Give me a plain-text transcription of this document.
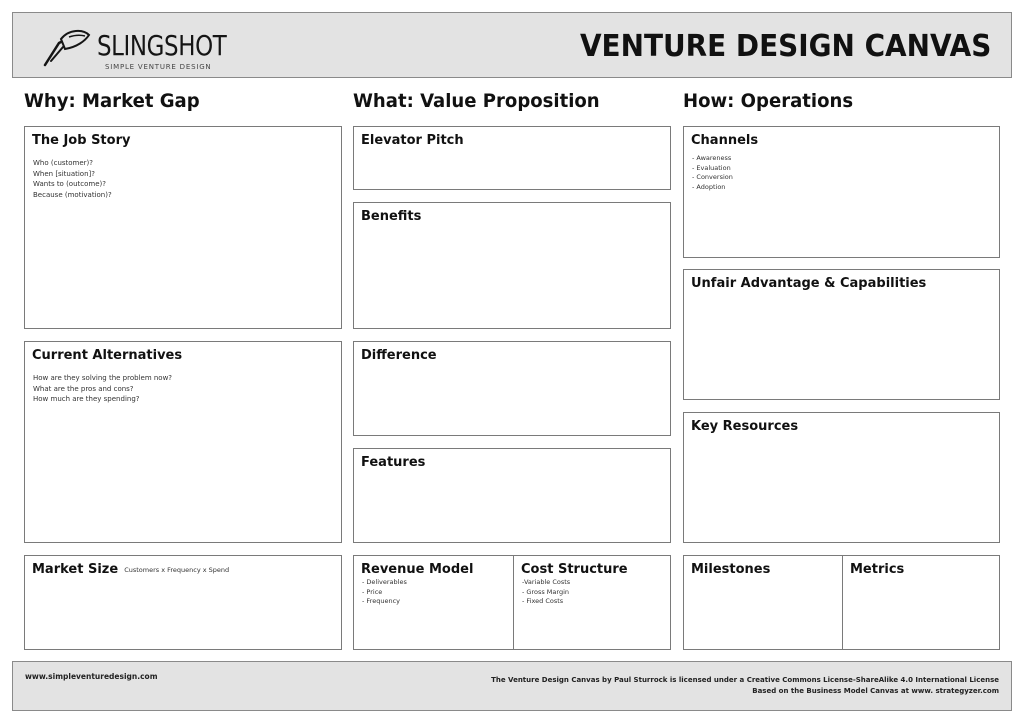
SLINGSHOT
SIMPLE VENTURE DESIGN
VENTURE DESIGN CANVAS
Why: Market Gap	What: Value Proposition	How: Operations
The Job Story
Who (customer)?
When [situation]?
Wants to (outcome)?
Because (motivation)?
Current Alternatives
How are they solving the problem now?
What are the pros and cons?
How much are they spending?
Market Size Customers x Frequency x Spend
Elevator Pitch
Benefits
Difference
Features
Revenue Model
- Deliverables
- Price
- Frequency
Cost Structure
-Variable Costs
- Gross Margin
- Fixed Costs
Channels
- Awareness
- Evaluation
- Conversion
- Adoption
Unfair Advantage & Capabilities
Key Resources
Milestones	Metrics
www.simpleventuredesign.com	The Venture Design Canvas by Paul Sturrock is licensed under a Creative Commons License-ShareAlike 4.0 International License
Based on the Business Model Canvas at www. strategyzer.com
